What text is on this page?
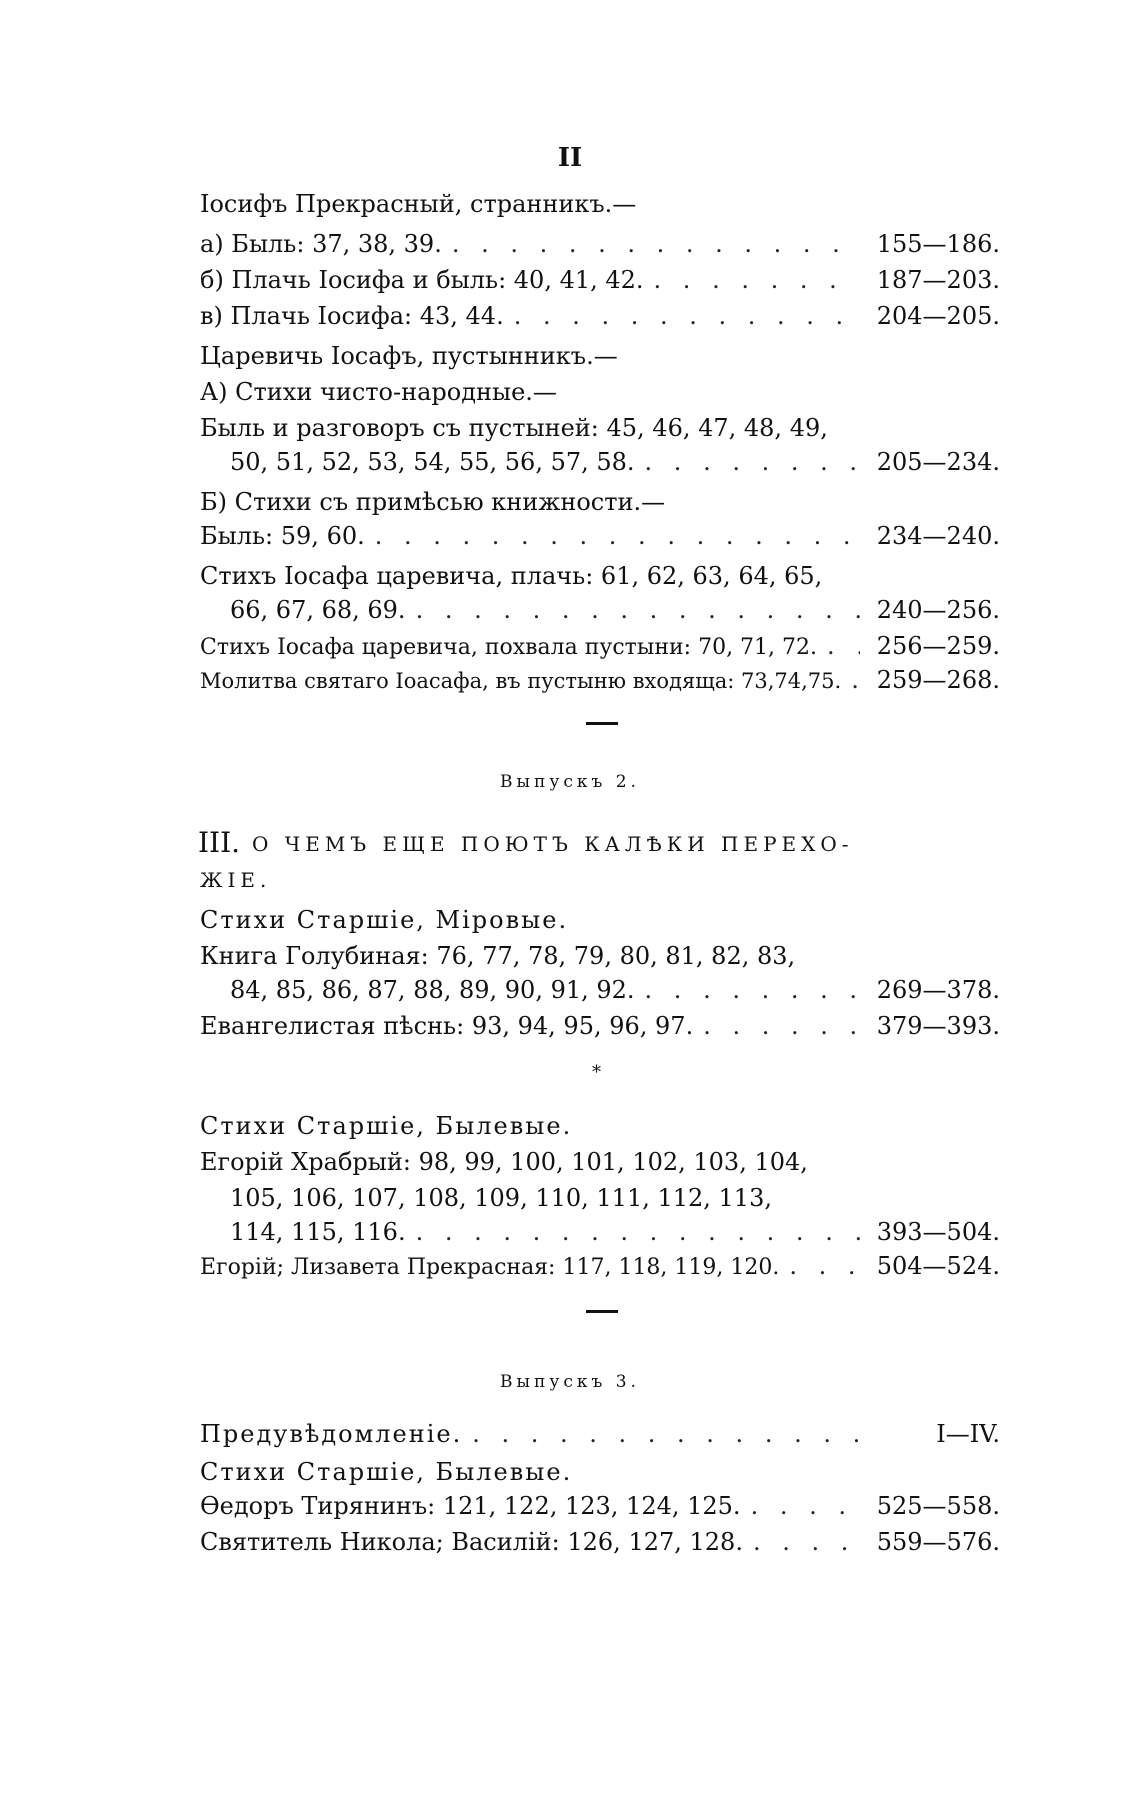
II
Iосифъ Прекрасный, странникъ.—
а) Быль: 37, 38, 39. . . .	155—186.
б) Плачь Iосифа и быль: 40, 41, 42. . . .	187—203.
в) Плачь Iосифа: 43, 44. . . .	204—205.
Царевичь Iосафъ, пустынникъ.—
А) Стихи чисто-народные.—
Быль и разговоръ съ пустыней: 45, 46, 47, 48, 49,
50, 51, 52, 53, 54, 55, 56, 57, 58. . . .	205—234.
Б) Стихи съ примѣсью книжности.—
Быль: 59, 60. . . .	234—240.
Стихъ Iосафа царевича, плачь: 61, 62, 63, 64, 65,
66, 67, 68, 69. . . .	240—256.
Стихъ Iосафа царевича, похвала пустыни: 70, 71, 72. . . . 256—259.
Молитва святаго Iоасафа, въ пустыню входяща: 73,74,75. . . . 259—268.
Выпускъ 2.
III. О ЧЕМЪ ЕЩЕ ПОЮТЪ КАЛѢКИ ПЕРЕХО-
ЖIЕ.
Стихи Старшiе, Мiровые.
Книга Голубиная: 76, 77, 78, 79, 80, 81, 82, 83,
84, 85, 86, 87, 88, 89, 90, 91, 92. . . .	269—378.
Евангелистая пѣснь: 93, 94, 95, 96, 97. . . .	379—393.
*
Стихи Старшiе, Былевые.
Егорiй Храбрый: 98, 99, 100, 101, 102, 103, 104,
105, 106, 107, 108, 109, 110, 111, 112, 113,
114, 115, 116. . . .	393—504.
Егорiй; Лизавета Прекрасная: 117, 118, 119, 120. . . .	504—524.
Выпускъ 3.
Предувѣдомленiе. . . .	I—IV.
Стихи Старшiе, Былевые.
Ѳедоръ Тирянинъ: 121, 122, 123, 124, 125. . . .	525—558.
Святитель Никола; Василiй: 126, 127, 128. . . .	559—576.
